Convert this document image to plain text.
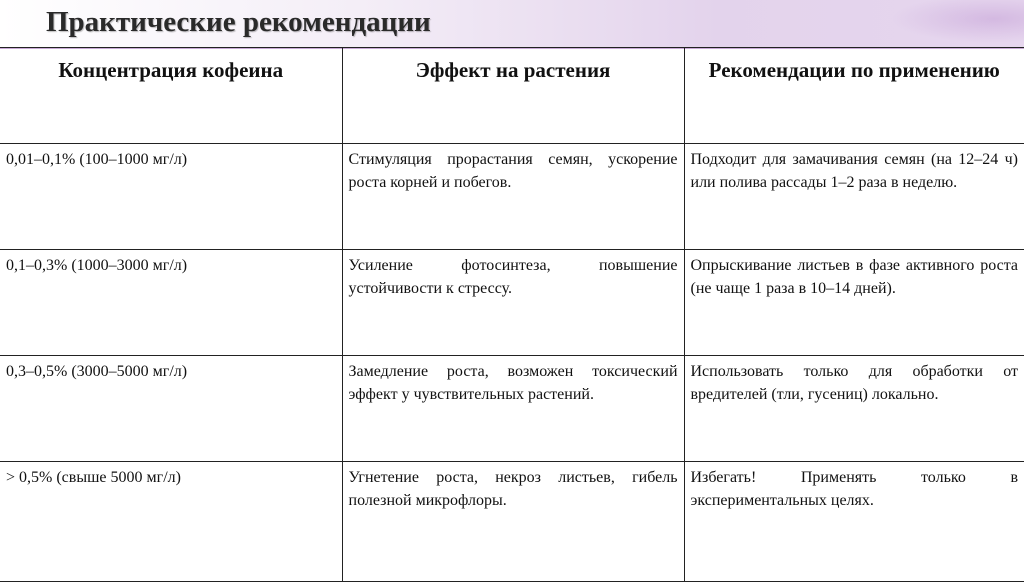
Практические рекомендации
Концентрация кофеина	Эффект на растения	Рекомендации по применению
0,01–0,1% (100–1000 мг/л)	Стимуляция прорастания семян, ускорение роста корней и побегов.	Подходит для замачивания семян (на 12–24 ч) или полива рассады 1–2 раза в неделю.
0,1–0,3% (1000–3000 мг/л)	Усиление фотосинтеза, повышение устойчивости к стрессу.	Опрыскивание листьев в фазе активного роста (не чаще 1 раза в 10–14 дней).
0,3–0,5% (3000–5000 мг/л)	Замедление роста, возможен токсический эффект у чувствительных растений.	Использовать только для обработки от вредителей (тли, гусениц) локально.
> 0,5% (свыше 5000 мг/л)	Угнетение роста, некроз листьев, гибель полезной микрофлоры.	Избегать! Применять только в экспериментальных целях.
